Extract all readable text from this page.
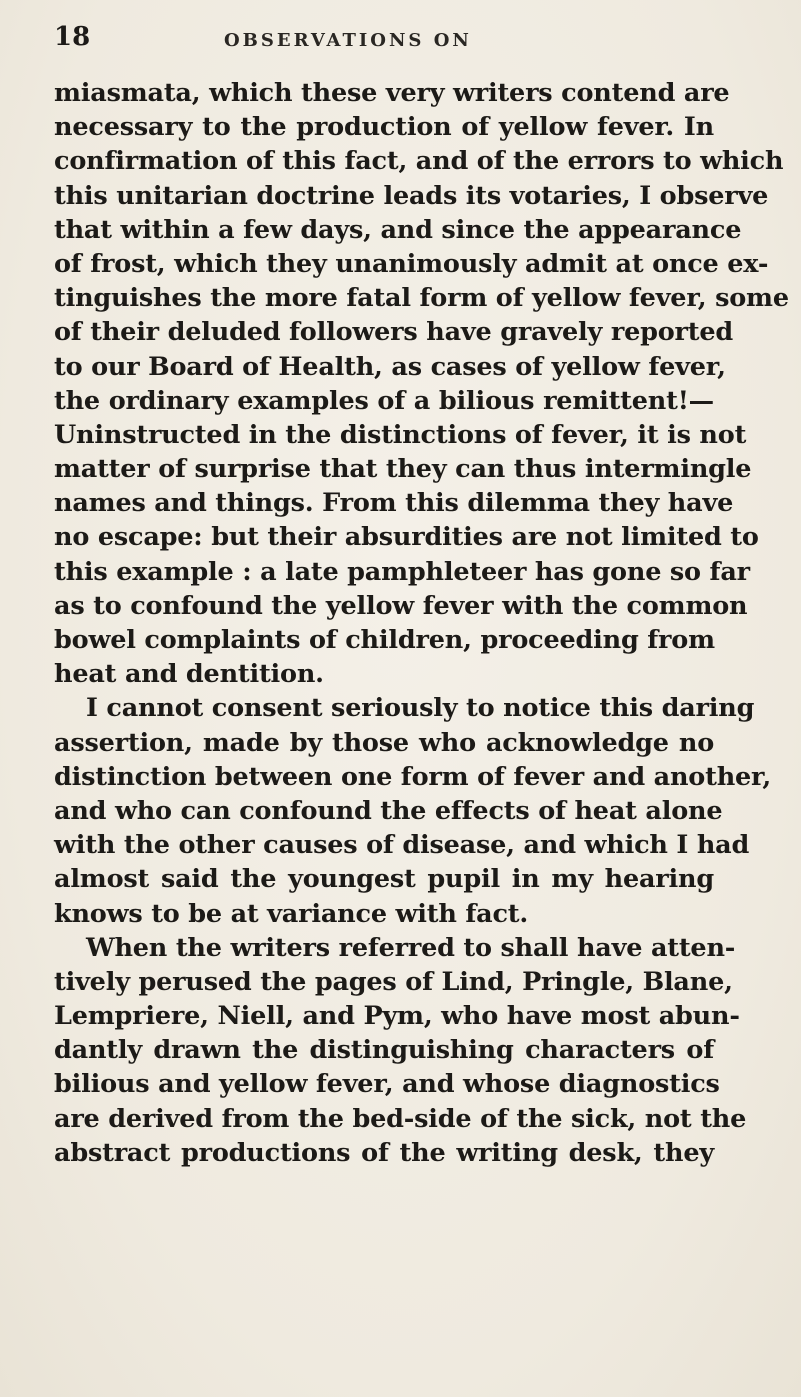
18	OBSERVATIONS ON
miasmata, which these very writers contend are
necessary to the production of yellow fever. In
confirmation of this fact, and of the errors to which
this unitarian doctrine leads its votaries, I observe
that within a few days, and since the appearance
of frost, which they unanimously admit at once ex-
tinguishes the more fatal form of yellow fever, some
of their deluded followers have gravely reported
to our Board of Health, as cases of yellow fever,
the ordinary examples of a bilious remittent!—
Uninstructed in the distinctions of fever, it is not
matter of surprise that they can thus intermingle
names and things. From this dilemma they have
no escape: but their absurdities are not limited to
this example : a late pamphleteer has gone so far
as to confound the yellow fever with the common
bowel complaints of children, proceeding from
heat and dentition.
I cannot consent seriously to notice this daring
assertion, made by those who acknowledge no
distinction between one form of fever and another,
and who can confound the effects of heat alone
with the other causes of disease, and which I had
almost said the youngest pupil in my hearing
knows to be at variance with fact.
When the writers referred to shall have atten-
tively perused the pages of Lind, Pringle, Blane,
Lempriere, Niell, and Pym, who have most abun-
dantly drawn the distinguishing characters of
bilious and yellow fever, and whose diagnostics
are derived from the bed-side of the sick, not the
abstract productions of the writing desk, they
